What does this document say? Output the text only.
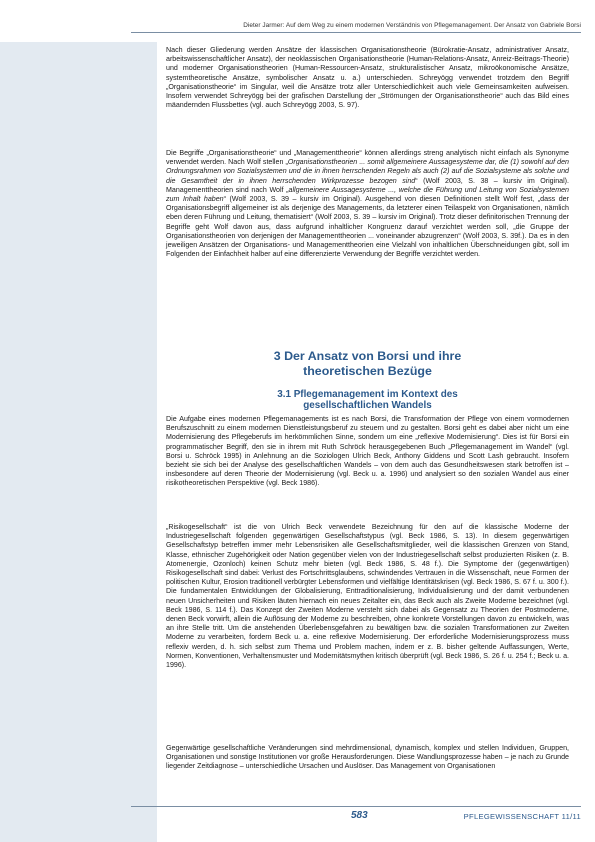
Dieter Jarmer: Auf dem Weg zu einem modernen Verständnis von Pflegemanagement. Der Ansatz von Gabriele Borsi

Nach dieser Gliederung werden Ansätze der klassischen Organisationstheorie (Bürokratie-Ansatz, administrativer Ansatz, arbeitswissenschaftlicher Ansatz), der neoklassischen Organisationstheorie (Human-Relations-Ansatz, Anreiz-Beitrags-Theorie) und moderner Organisationstheorien (Human-Ressourcen-Ansatz, strukturalistischer Ansatz, mikroökonomische Ansätze, systemtheoretische Ansätze, symbolischer Ansatz u. a.) unterschieden. Schreyögg verwendet trotzdem den Begriff „Organisationstheorie“ im Singular, weil die Ansätze trotz aller Unterschiedlichkeit auch viele Gemeinsamkeiten aufweisen. Insofern verwendet Schreyögg bei der grafischen Darstellung der „Strömungen der Organisationstheorie“ auch das Bild eines mäandernden Flussbettes (vgl. auch Schreyögg 2003, S. 97).

Die Begriffe „Organisationstheorie“ und „Managementtheorie“ können allerdings streng analytisch nicht einfach als Synonyme verwendet werden. Nach Wolf stellen „Organisationstheorien ... somit allgemeinere Aussagesysteme dar, die (1) sowohl auf den Ordnungsrahmen von Sozialsystemen und die in ihnen herrschenden Regeln als auch (2) auf die Sozialsysteme als solche und die Gesamtheit der in ihnen herrschenden Wirkprozesse bezogen sind“ (Wolf 2003, S. 38 – kursiv im Original). Managementtheorien sind nach Wolf „allgemeinere Aussagesysteme ..., welche die Führung und Leitung von Sozialsystemen zum Inhalt haben“ (Wolf 2003, S. 39 – kursiv im Original). Ausgehend von diesen Definitionen stellt Wolf fest, „dass der Organisationsbegriff allgemeiner ist als derjenige des Managements, da letzterer einen Teilaspekt von Organisationen, nämlich eben deren Führung und Leitung, thematisiert“ (Wolf 2003, S. 39 – kursiv im Original). Trotz dieser definitorischen Trennung der Begriffe geht Wolf davon aus, dass aufgrund inhaltlicher Kongruenz darauf verzichtet werden soll, „die Gruppe der Organisationstheorien von derjenigen der Managementtheorien ... voneinander abzugrenzen“ (Wolf 2003, S. 39f.). Da es in den jeweiligen Ansätzen der Organisations- und Managementtheorien eine Vielzahl von inhaltlichen Überschneidungen gibt, soll im Folgenden der Einfachheit halber auf eine differenzierte Verwendung der Begriffe verzichtet werden.

3 Der Ansatz von Borsi und ihre
theoretischen Bezüge
3.1 Pflegemanagement im Kontext des
gesellschaftlichen Wandels

Die Aufgabe eines modernen Pflegemanagements ist es nach Borsi, die Transformation der Pflege von einem vormodernen Berufszuschnitt zu einem modernen Dienstleistungsberuf zu steuern und zu gestalten. Borsi geht es dabei aber nicht um eine Modernisierung des Pflegeberufs im herkömmlichen Sinne, sondern um eine „reflexive Modernisierung“. Dies ist für Borsi ein programmatischer Begriff, den sie in ihrem mit Ruth Schröck herausgegebenen Buch „Pflegemanagement im Wandel“ (vgl. Borsi u. Schröck 1995) in Anlehnung an die Soziologen Ulrich Beck, Anthony Giddens und Scott Lash gebraucht. Insofern bezieht sie sich bei der Analyse des gesellschaftlichen Wandels – von dem auch das Gesundheitswesen stark betroffen ist – insbesondere auf deren Theorie der Modernisierung (vgl. Beck u. a. 1996) und analysiert so den sozialen Wandel aus einer risikotheoretischen Perspektive (vgl. Beck 1986).

„Risikogesellschaft“ ist die von Ulrich Beck verwendete Bezeichnung für den auf die klassische Moderne der Industriegesellschaft folgenden gegenwärtigen Gesellschaftstypus (vgl. Beck 1986, S. 13). In diesem gegenwärtigen Gesellschaftstyp betreffen immer mehr Lebensrisiken alle Gesellschaftsmitglieder, weil die klassischen Grenzen von Stand, Klasse, ethnischer Zugehörigkeit oder Nation gegenüber vielen von der Industriegesellschaft selbst produzierten Risiken (z. B. Atomenergie, Ozonloch) keinen Schutz mehr bieten (vgl. Beck 1986, S. 48 f.). Die Symptome der (gegenwärtigen) Risikogesellschaft sind dabei: Verlust des Fortschrittsglaubens, schwindendes Vertrauen in die Wissenschaft, neue Formen der politischen Kultur, Erosion traditionell verbürgter Lebensformen und vielfältige Identitätskrisen (vgl. Beck 1986, S. 67 f. u. 300 f.). Die fundamentalen Entwicklungen der Globalisierung, Enttraditionalisierung, Individualisierung und der damit verbundenen neuen Unsicherheiten und Risiken läuten hiernach ein neues Zeitalter ein, das Beck auch als Zweite Moderne bezeichnet (vgl. Beck 1986, S. 114 f.). Das Konzept der Zweiten Moderne versteht sich dabei als Gegensatz zu Theorien der Postmoderne, denen Beck vorwirft, allein die Auflösung der Moderne zu beschreiben, ohne konkrete Vorstellungen davon zu entwickeln, was an ihre Stelle tritt. Um die anstehenden Überlebensgefahren zu bewältigen bzw. die sozialen Transformationen zur Zweiten Moderne zu verarbeiten, fordern Beck u. a. eine reflexive Modernisierung. Der erforderliche Modernisierungsprozess muss reflexiv werden, d. h. sich selbst zum Thema und Problem machen, indem er z. B. bisher geltende Auffassungen, Werte, Normen, Konventionen, Verhaltensmuster und Modernitätsmythen kritisch überprüft (vgl. Beck 1986, S. 26 f. u. 254 f.; Beck u. a. 1996).

Gegenwärtige gesellschaftliche Veränderungen sind mehrdimensional, dynamisch, komplex und stellen Individuen, Gruppen, Organisationen und sonstige Institutionen vor große Herausforderungen. Diese Wandlungsprozesse haben – je nach zu Grunde liegender Zeitdiagnose – unterschiedliche Ursachen und Auslöser. Das Management von Organisationen

583	PFLEGEWISSENSCHAFT 11/11
